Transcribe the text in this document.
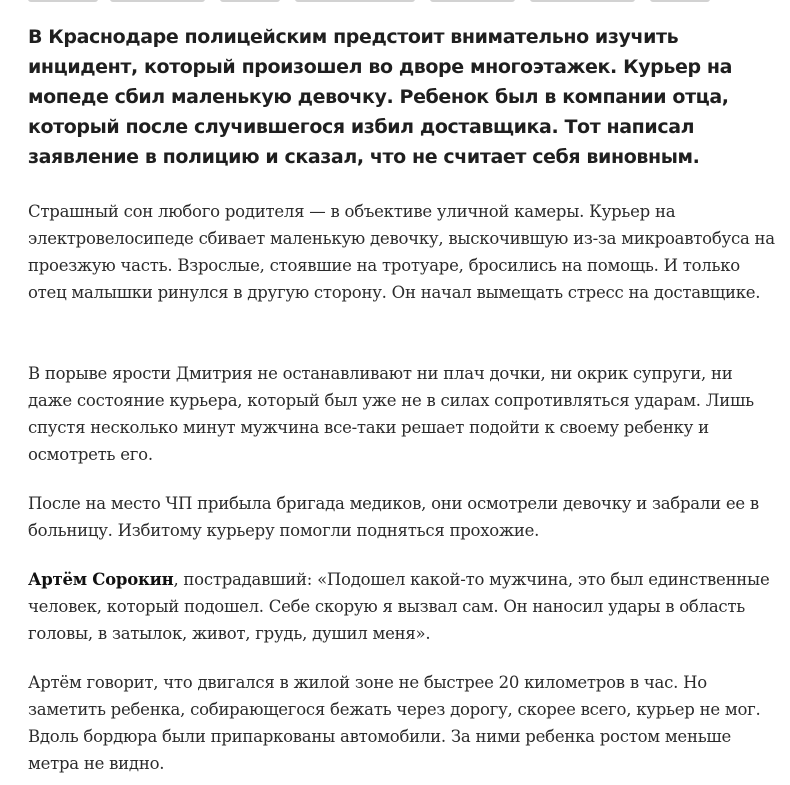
В Краснодаре полицейским предстоит внимательно изучить инцидент, который произошел во дворе многоэтажек. Курьер на мопеде сбил маленькую девочку. Ребенок был в компании отца, который после случившегося избил доставщика. Тот написал заявление в полицию и сказал, что не считает себя виновным.

Страшный сон любого родителя — в объективе уличной камеры. Курьер на электровелосипеде сбивает маленькую девочку, выскочившую из-за микроавтобуса на проезжую часть. Взрослые, стоявшие на тротуаре, бросились на помощь. И только отец малышки ринулся в другую сторону. Он начал вымещать стресс на доставщике.

В порыве ярости Дмитрия не останавливают ни плач дочки, ни окрик супруги, ни даже состояние курьера, который был уже не в силах сопротивляться ударам. Лишь спустя несколько минут мужчина все-таки решает подойти к своему ребенку и осмотреть его.

После на место ЧП прибыла бригада медиков, они осмотрели девочку и забрали ее в больницу. Избитому курьеру помогли подняться прохожие.

Артём Сорокин, пострадавший: «Подошел какой-то мужчина, это был единственные человек, который подошел. Себе скорую я вызвал сам. Он наносил удары в область головы, в затылок, живот, грудь, душил меня».

Артём говорит, что двигался в жилой зоне не быстрее 20 километров в час. Но заметить ребенка, собирающегося бежать через дорогу, скорее всего, курьер не мог. Вдоль бордюра были припаркованы автомобили. За ними ребенка ростом меньше метра не видно.
